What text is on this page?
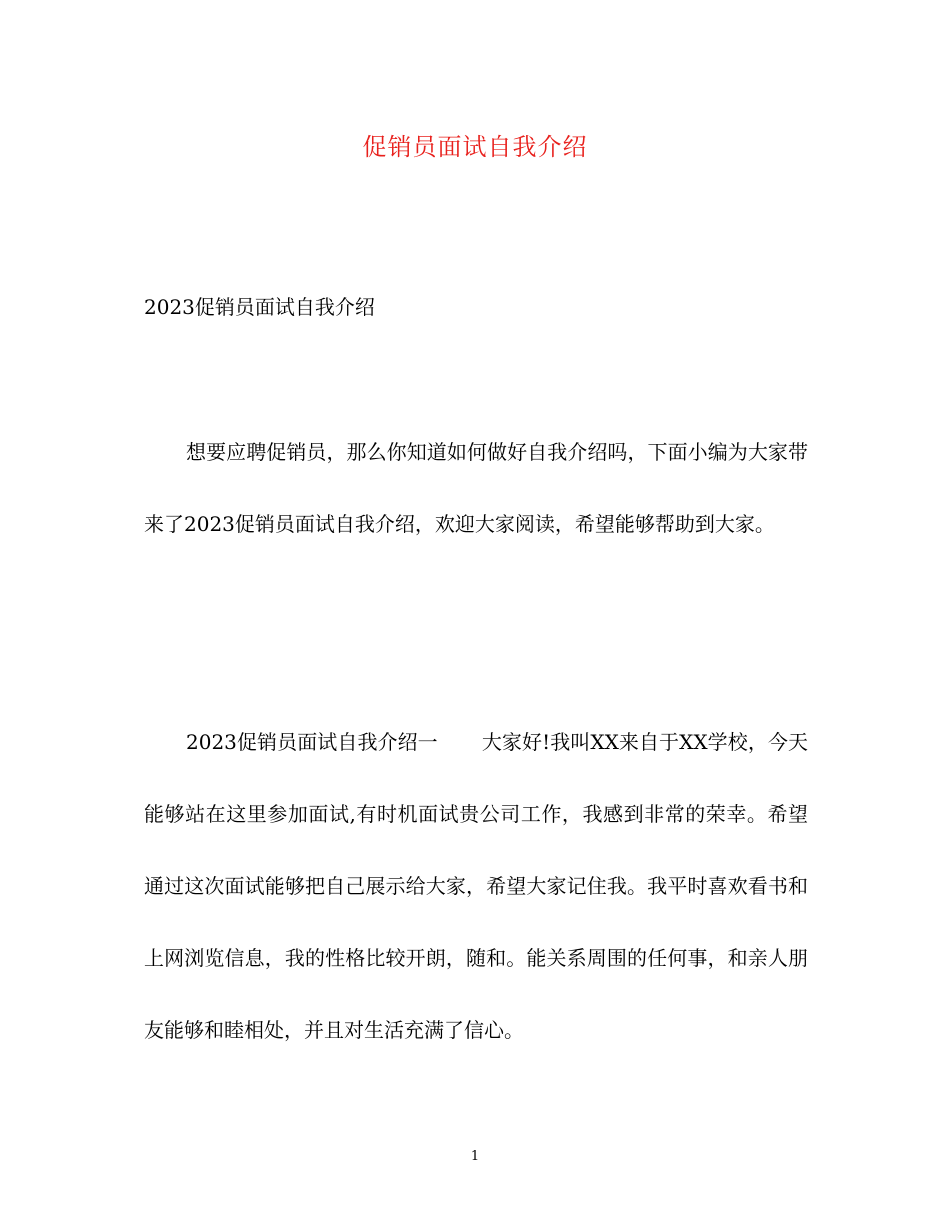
促销员面试自我介绍
2023促销员面试自我介绍

想要应聘促销员，那么你知道如何做好自我介绍吗，下面小编为大家带来了2023促销员面试自我介绍，欢迎大家阅读，希望能够帮助到大家。

2023促销员面试自我介绍一 大家好!我叫XX来自于XX学校，今天能够站在这里参加面试,有时机面试贵公司工作，我感到非常的荣幸。希望通过这次面试能够把自己展示给大家，希望大家记住我。我平时喜欢看书和上网浏览信息，我的性格比较开朗，随和。能关系周围的任何事，和亲人朋友能够和睦相处，并且对生活充满了信心。

1
